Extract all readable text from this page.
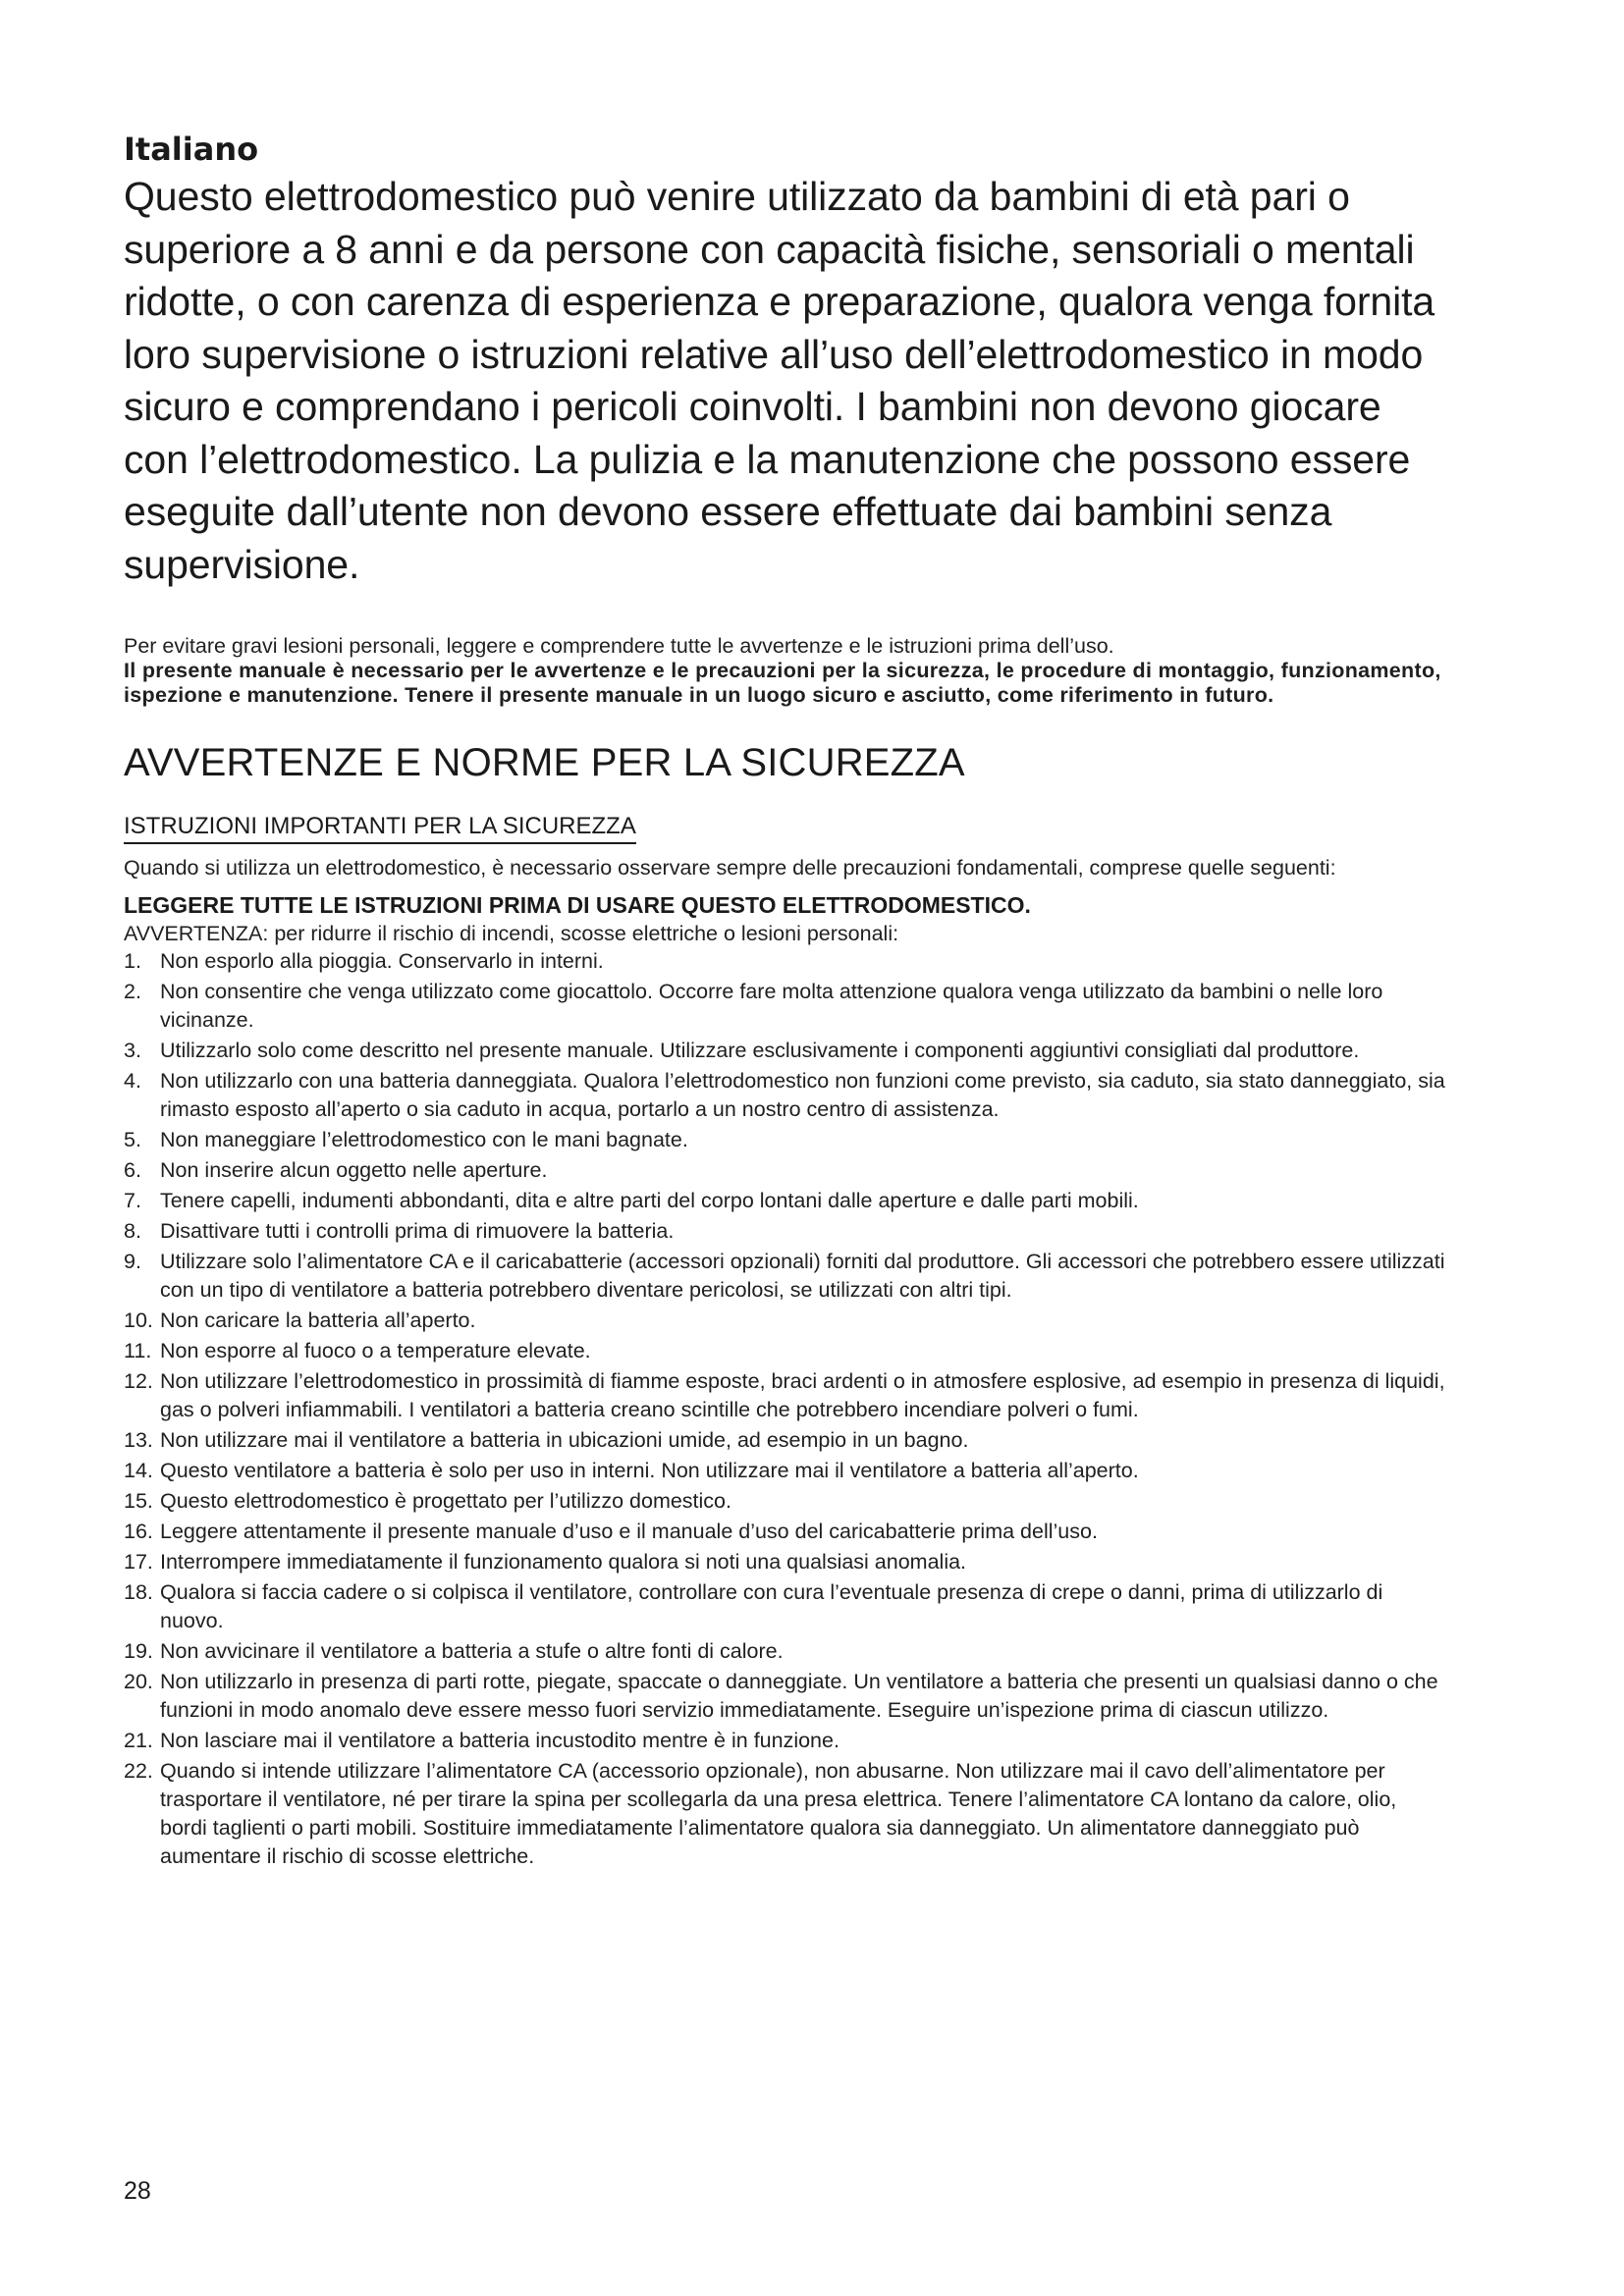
Italiano

Questo elettrodomestico può venire utilizzato da bambini di età pari o superiore a 8 anni e da persone con capacità fisiche, sensoriali o mentali ridotte, o con carenza di esperienza e preparazione, qualora venga fornita loro supervisione o istruzioni relative all’uso dell’elettrodomestico in modo sicuro e comprendano i pericoli coinvolti. I bambini non devono giocare con l’elettrodomestico. La pulizia e la manutenzione che possono essere eseguite dall’utente non devono essere effettuate dai bambini senza supervisione.

Per evitare gravi lesioni personali, leggere e comprendere tutte le avvertenze e le istruzioni prima dell’uso.

Il presente manuale è necessario per le avvertenze e le precauzioni per la sicurezza, le procedure di montaggio, funzionamento, ispezione e manutenzione. Tenere il presente manuale in un luogo sicuro e asciutto, come riferimento in futuro.

AVVERTENZE E NORME PER LA SICUREZZA
ISTRUZIONI IMPORTANTI PER LA SICUREZZA

Quando si utilizza un elettrodomestico, è necessario osservare sempre delle precauzioni fondamentali, comprese quelle seguenti:

LEGGERE TUTTE LE ISTRUZIONI PRIMA DI USARE QUESTO ELETTRODOMESTICO.

AVVERTENZA: per ridurre il rischio di incendi, scosse elettriche o lesioni personali:

1. Non esporlo alla pioggia. Conservarlo in interni.
2. Non consentire che venga utilizzato come giocattolo. Occorre fare molta attenzione qualora venga utilizzato da bambini o nelle loro vicinanze.
3. Utilizzarlo solo come descritto nel presente manuale. Utilizzare esclusivamente i componenti aggiuntivi consigliati dal produttore.
4. Non utilizzarlo con una batteria danneggiata. Qualora l’elettrodomestico non funzioni come previsto, sia caduto, sia stato danneggiato, sia rimasto esposto all’aperto o sia caduto in acqua, portarlo a un nostro centro di assistenza.
5. Non maneggiare l’elettrodomestico con le mani bagnate.
6. Non inserire alcun oggetto nelle aperture.
7. Tenere capelli, indumenti abbondanti, dita e altre parti del corpo lontani dalle aperture e dalle parti mobili.
8. Disattivare tutti i controlli prima di rimuovere la batteria.
9. Utilizzare solo l’alimentatore CA e il caricabatterie (accessori opzionali) forniti dal produttore. Gli accessori che potrebbero essere utilizzati con un tipo di ventilatore a batteria potrebbero diventare pericolosi, se utilizzati con altri tipi.
10. Non caricare la batteria all’aperto.
11. Non esporre al fuoco o a temperature elevate.
12. Non utilizzare l’elettrodomestico in prossimità di fiamme esposte, braci ardenti o in atmosfere esplosive, ad esempio in presenza di liquidi, gas o polveri infiammabili. I ventilatori a batteria creano scintille che potrebbero incendiare polveri o fumi.
13. Non utilizzare mai il ventilatore a batteria in ubicazioni umide, ad esempio in un bagno.
14. Questo ventilatore a batteria è solo per uso in interni. Non utilizzare mai il ventilatore a batteria all’aperto.
15. Questo elettrodomestico è progettato per l’utilizzo domestico.
16. Leggere attentamente il presente manuale d’uso e il manuale d’uso del caricabatterie prima dell’uso.
17. Interrompere immediatamente il funzionamento qualora si noti una qualsiasi anomalia.
18. Qualora si faccia cadere o si colpisca il ventilatore, controllare con cura l’eventuale presenza di crepe o danni, prima di utilizzarlo di nuovo.
19. Non avvicinare il ventilatore a batteria a stufe o altre fonti di calore.
20. Non utilizzarlo in presenza di parti rotte, piegate, spaccate o danneggiate. Un ventilatore a batteria che presenti un qualsiasi danno o che funzioni in modo anomalo deve essere messo fuori servizio immediatamente. Eseguire un’ispezione prima di ciascun utilizzo.
21. Non lasciare mai il ventilatore a batteria incustodito mentre è in funzione.
22. Quando si intende utilizzare l’alimentatore CA (accessorio opzionale), non abusarne. Non utilizzare mai il cavo dell’alimentatore per trasportare il ventilatore, né per tirare la spina per scollegarla da una presa elettrica. Tenere l’alimentatore CA lontano da calore, olio, bordi taglienti o parti mobili. Sostituire immediatamente l’alimentatore qualora sia danneggiato. Un alimentatore danneggiato può aumentare il rischio di scosse elettriche.
28
